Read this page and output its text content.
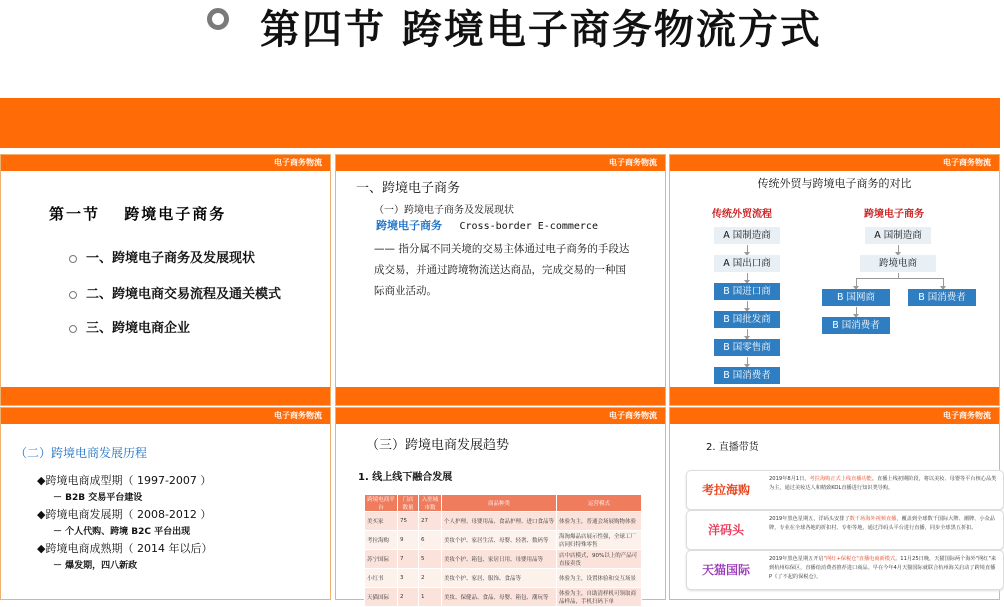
第四节 跨境电子商务物流方式
电子商务物流
第一节　 跨境电子商务
一、跨境电子商务及发展现状
二、跨境电商交易流程及通关模式
三、跨境电商企业
电子商务物流
一、跨境电子商务
（一）跨境电子商务及发展现状
跨境电子商务 Cross-border E-commerce
—— 指分属不同关境的交易主体通过电子商务的手段达成交易，并通过跨境物流送达商品，完成交易的一种国际商业活动。
电子商务物流
传统外贸与跨境电子商务的对比
传统外贸流程	跨境电子商务
A 国制造商
A 国出口商
B 国进口商
B 国批发商
B 国零售商
B 国消费者
A 国制造商
跨境电商
B 国网商	B 国消费者
B 国消费者
电子商务物流
（二）跨境电商发展历程
◆跨境电商成型期（ 1997-2007 ）
－ B2B 交易平台建设
◆跨境电商发展期（ 2008-2012 ）
－ 个人代购、跨境 B2C 平台出现
◆跨境电商成熟期（ 2014 年以后）
－ 爆发期，四八新政
电子商务物流
（三）跨境电商发展趋势
1. 线上线下融合发展
跨境电商平台	门店数量	入驻城市数	商品种类	运营模式
美买家	75	27	个人护理、母婴用品、食品护理、进口食品等	体验为主，普通会场展购物体验
考拉海购	9	6	美妆个护、家居生活、母婴、轻奢、数码等	海淘爆品店展示性强，全球工厂店同归特殊零售
苏宁国际	7	5	美妆个护、箱包、家居日用、母婴用品等	店中店模式，90%以上的产品可直接卖货
小红书	3	2	美妆个护、家居、服饰、食品等	体验为主，设置体验和交互场景
天猫国际	2	1	美妆、保健品、食品、母婴、箱包、潮玩等	体验为主，自助清样机可领取商品样品，手机扫码下单
电子商务物流
2. 直播带货
考拉海购
2019年8月1日，考拉海购正式上线直播功能。直播上线初期阶段，将以美妆、母婴等平台核心品类为主，通过美妆达人和精致KOL直播进行知识类导购。
洋码头
2019年黑色星期五，洋码头安排了数千场海外视频直播，覆盖到全球数千国际大牌、潮牌、小众品牌，专业在全球各地的折扣村、专柜等地，通过洋码头平台进行直播，同步全球黑五折扣。
天猫国际
2019年黑色星期五开启"网红+保税仓"直播电商新模式。11月25日晚，天猫国际两个海外"网红"来到杭州综保区，直播给消费者推荐进口商品。早在今年4月天猫国际就联合杭州海关启动了跨境直播P《了不起的保税仓》。
